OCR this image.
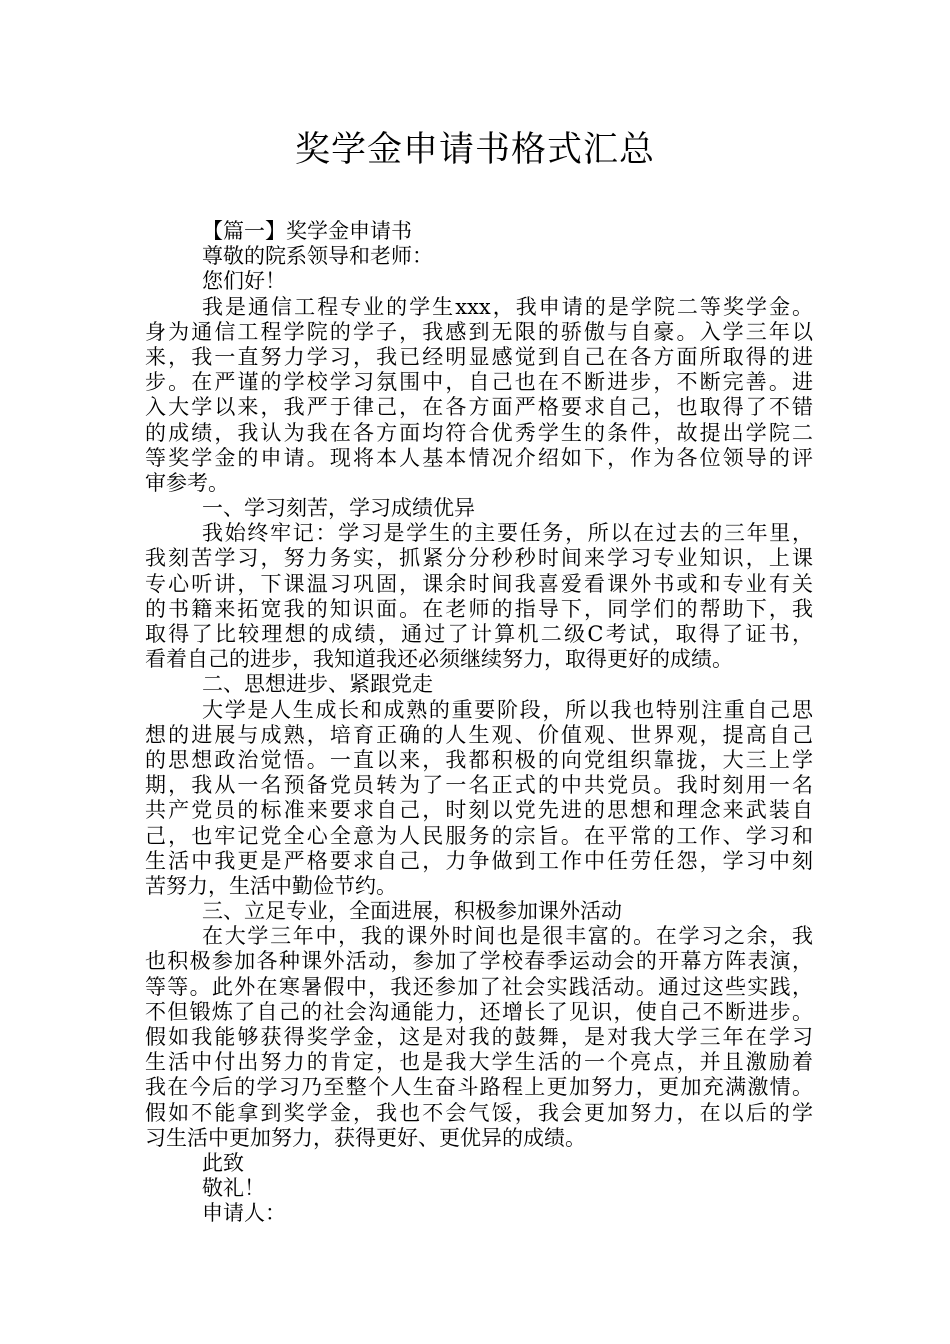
奖学金申请书格式汇总
【篇一】奖学金申请书
尊敬的院系领导和老师：
您们好！
我是通信工程专业的学生xxx，我申请的是学院二等奖学金。
身为通信工程学院的学子，我感到无限的骄傲与自豪。入学三年以
来，我一直努力学习，我已经明显感觉到自己在各方面所取得的进
步。在严谨的学校学习氛围中，自己也在不断进步，不断完善。进
入大学以来，我严于律己，在各方面严格要求自己，也取得了不错
的成绩，我认为我在各方面均符合优秀学生的条件，故提出学院二
等奖学金的申请。现将本人基本情况介绍如下，作为各位领导的评
审参考。
一、学习刻苦，学习成绩优异
我始终牢记：学习是学生的主要任务，所以在过去的三年里，
我刻苦学习，努力务实，抓紧分分秒秒时间来学习专业知识，上课
专心听讲，下课温习巩固，课余时间我喜爱看课外书或和专业有关
的书籍来拓宽我的知识面。在老师的指导下，同学们的帮助下，我
取得了比较理想的成绩，通过了计算机二级C考试，取得了证书，
看着自己的进步，我知道我还必须继续努力，取得更好的成绩。
二、思想进步、紧跟党走
大学是人生成长和成熟的重要阶段，所以我也特别注重自己思
想的进展与成熟，培育正确的人生观、价值观、世界观，提高自己
的思想政治觉悟。一直以来，我都积极的向党组织靠拢，大三上学
期，我从一名预备党员转为了一名正式的中共党员。我时刻用一名
共产党员的标准来要求自己，时刻以党先进的思想和理念来武装自
己，也牢记党全心全意为人民服务的宗旨。在平常的工作、学习和
生活中我更是严格要求自己，力争做到工作中任劳任怨，学习中刻
苦努力，生活中勤俭节约。
三、立足专业，全面进展，积极参加课外活动
在大学三年中，我的课外时间也是很丰富的。在学习之余，我
也积极参加各种课外活动，参加了学校春季运动会的开幕方阵表演，
等等。此外在寒暑假中，我还参加了社会实践活动。通过这些实践，
不但锻炼了自己的社会沟通能力，还增长了见识，使自己不断进步。
假如我能够获得奖学金，这是对我的鼓舞，是对我大学三年在学习
生活中付出努力的肯定，也是我大学生活的一个亮点，并且激励着
我在今后的学习乃至整个人生奋斗路程上更加努力，更加充满激情。
假如不能拿到奖学金，我也不会气馁，我会更加努力，在以后的学
习生活中更加努力，获得更好、更优异的成绩。
此致
敬礼！
申请人：
